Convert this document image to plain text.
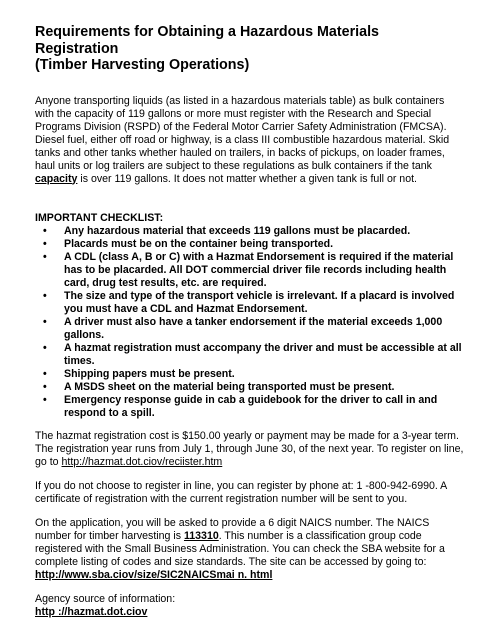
Requirements for Obtaining a Hazardous Materials Registration
(Timber Harvesting Operations)

Anyone transporting liquids (as listed in a hazardous materials table) as bulk containers with the capacity of 119 gallons or more must register with the Research and Special Programs Division (RSPD) of the Federal Motor Carrier Safety Administration (FMCSA). Diesel fuel, either off road or highway, is a class III combustible hazardous material. Skid tanks and other tanks whether hauled on trailers, in backs of pickups, on loader frames, haul units or log trailers are subject to these regulations as bulk containers if the tank capacity is over 119 gallons. It does not matter whether a given tank is full or not.

IMPORTANT CHECKLIST:
• Any hazardous material that exceeds 119 gallons must be placarded.
• Placards must be on the container being transported.
• A CDL (class A, B or C) with a Hazmat Endorsement is required if the material has to be placarded. All DOT commercial driver file records including health card, drug test results, etc. are required.
• The size and type of the transport vehicle is irrelevant. If a placard is involved you must have a CDL and Hazmat Endorsement.
• A driver must also have a tanker endorsement if the material exceeds 1,000 gallons.
• A hazmat registration must accompany the driver and must be accessible at all times.
• Shipping papers must be present.
• A MSDS sheet on the material being transported must be present.
• Emergency response guide in cab a guidebook for the driver to call in and respond to a spill.

The hazmat registration cost is $150.00 yearly or payment may be made for a 3-year term. The registration year runs from July 1, through June 30, of the next year. To register on line, go to http://hazmat.dot.ciov/reciister.htm

If you do not choose to register in line, you can register by phone at: 1 -800-942-6990. A certificate of registration with the current registration number will be sent to you.

On the application, you will be asked to provide a 6 digit NAICS number. The NAICS number for timber harvesting is 113310. This number is a classification group code registered with the Small Business Administration. You can check the SBA website for a complete listing of codes and size standards. The site can be accessed by going to:
http://www.sba.ciov/size/SIC2NAICSmai n. html

Agency source of information:
http ://hazmat.dot.ciov
